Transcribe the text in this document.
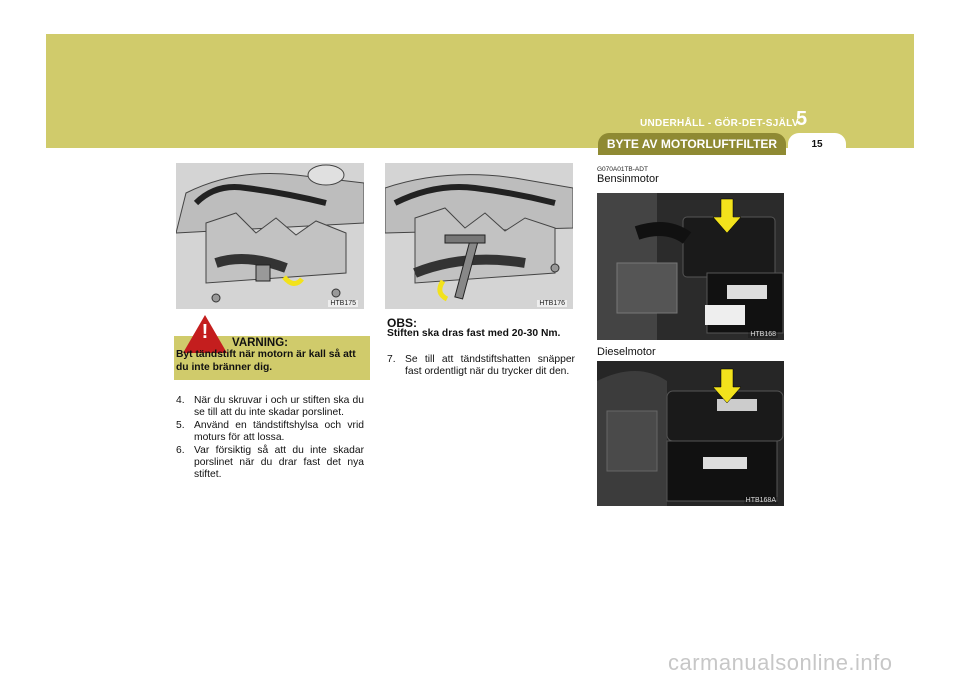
UNDERHÅLL - GÖR-DET-SJÄLV
5
BYTE AV MOTORLUFTFILTER	15
HTB175	HTB176
!	VARNING:
Byt tändstift när motorn är kall så att du inte bränner dig.
4. När du skruvar i och ur stiften ska du se till att du inte skadar porslinet.
5. Använd en tändstiftshylsa och vrid moturs för att lossa.
6. Var försiktig så att du inte skadar porslinet när du drar fast det nya stiftet.
OBS:
Stiften ska dras fast med 20-30 Nm.
7. Se till att tändstiftshatten snäpper fast ordentligt när du trycker dit den.
G070A01TB-ADT
Bensinmotor
HTB168
Dieselmotor
HTB168A
carmanualsonline.info
